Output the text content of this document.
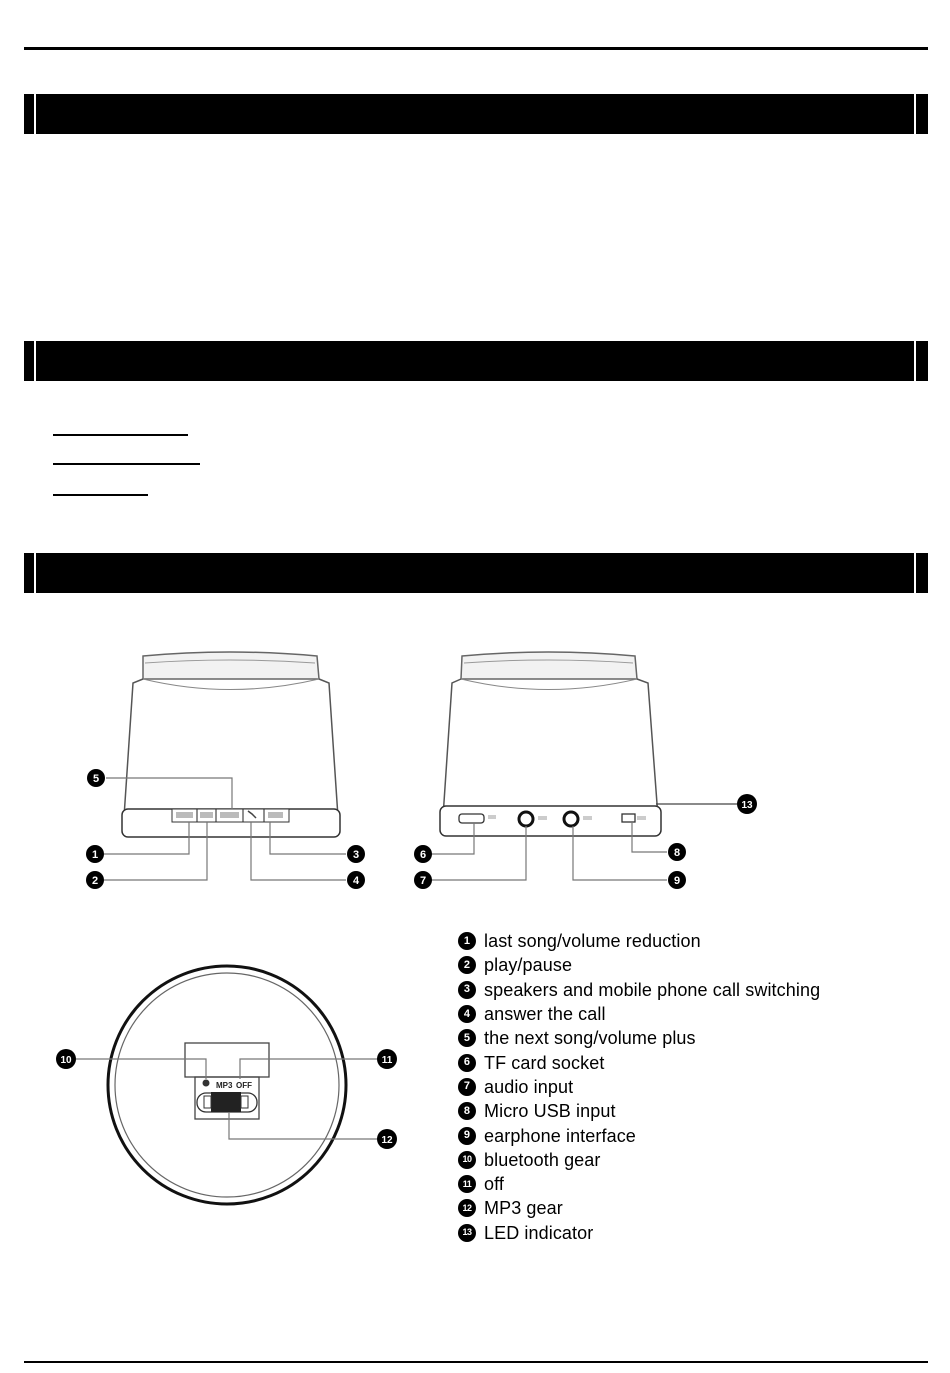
MP3 OFF
1
2
3
4
5
6
7
8
9
10	11
12
13
1 last song/volume reduction
2 play/pause
3 speakers and mobile phone call switching
4 answer the call
5 the next song/volume plus
6 TF card socket
7 audio input
8 Micro USB input
9 earphone interface
10 bluetooth gear
11 off
12 MP3 gear
13 LED indicator
